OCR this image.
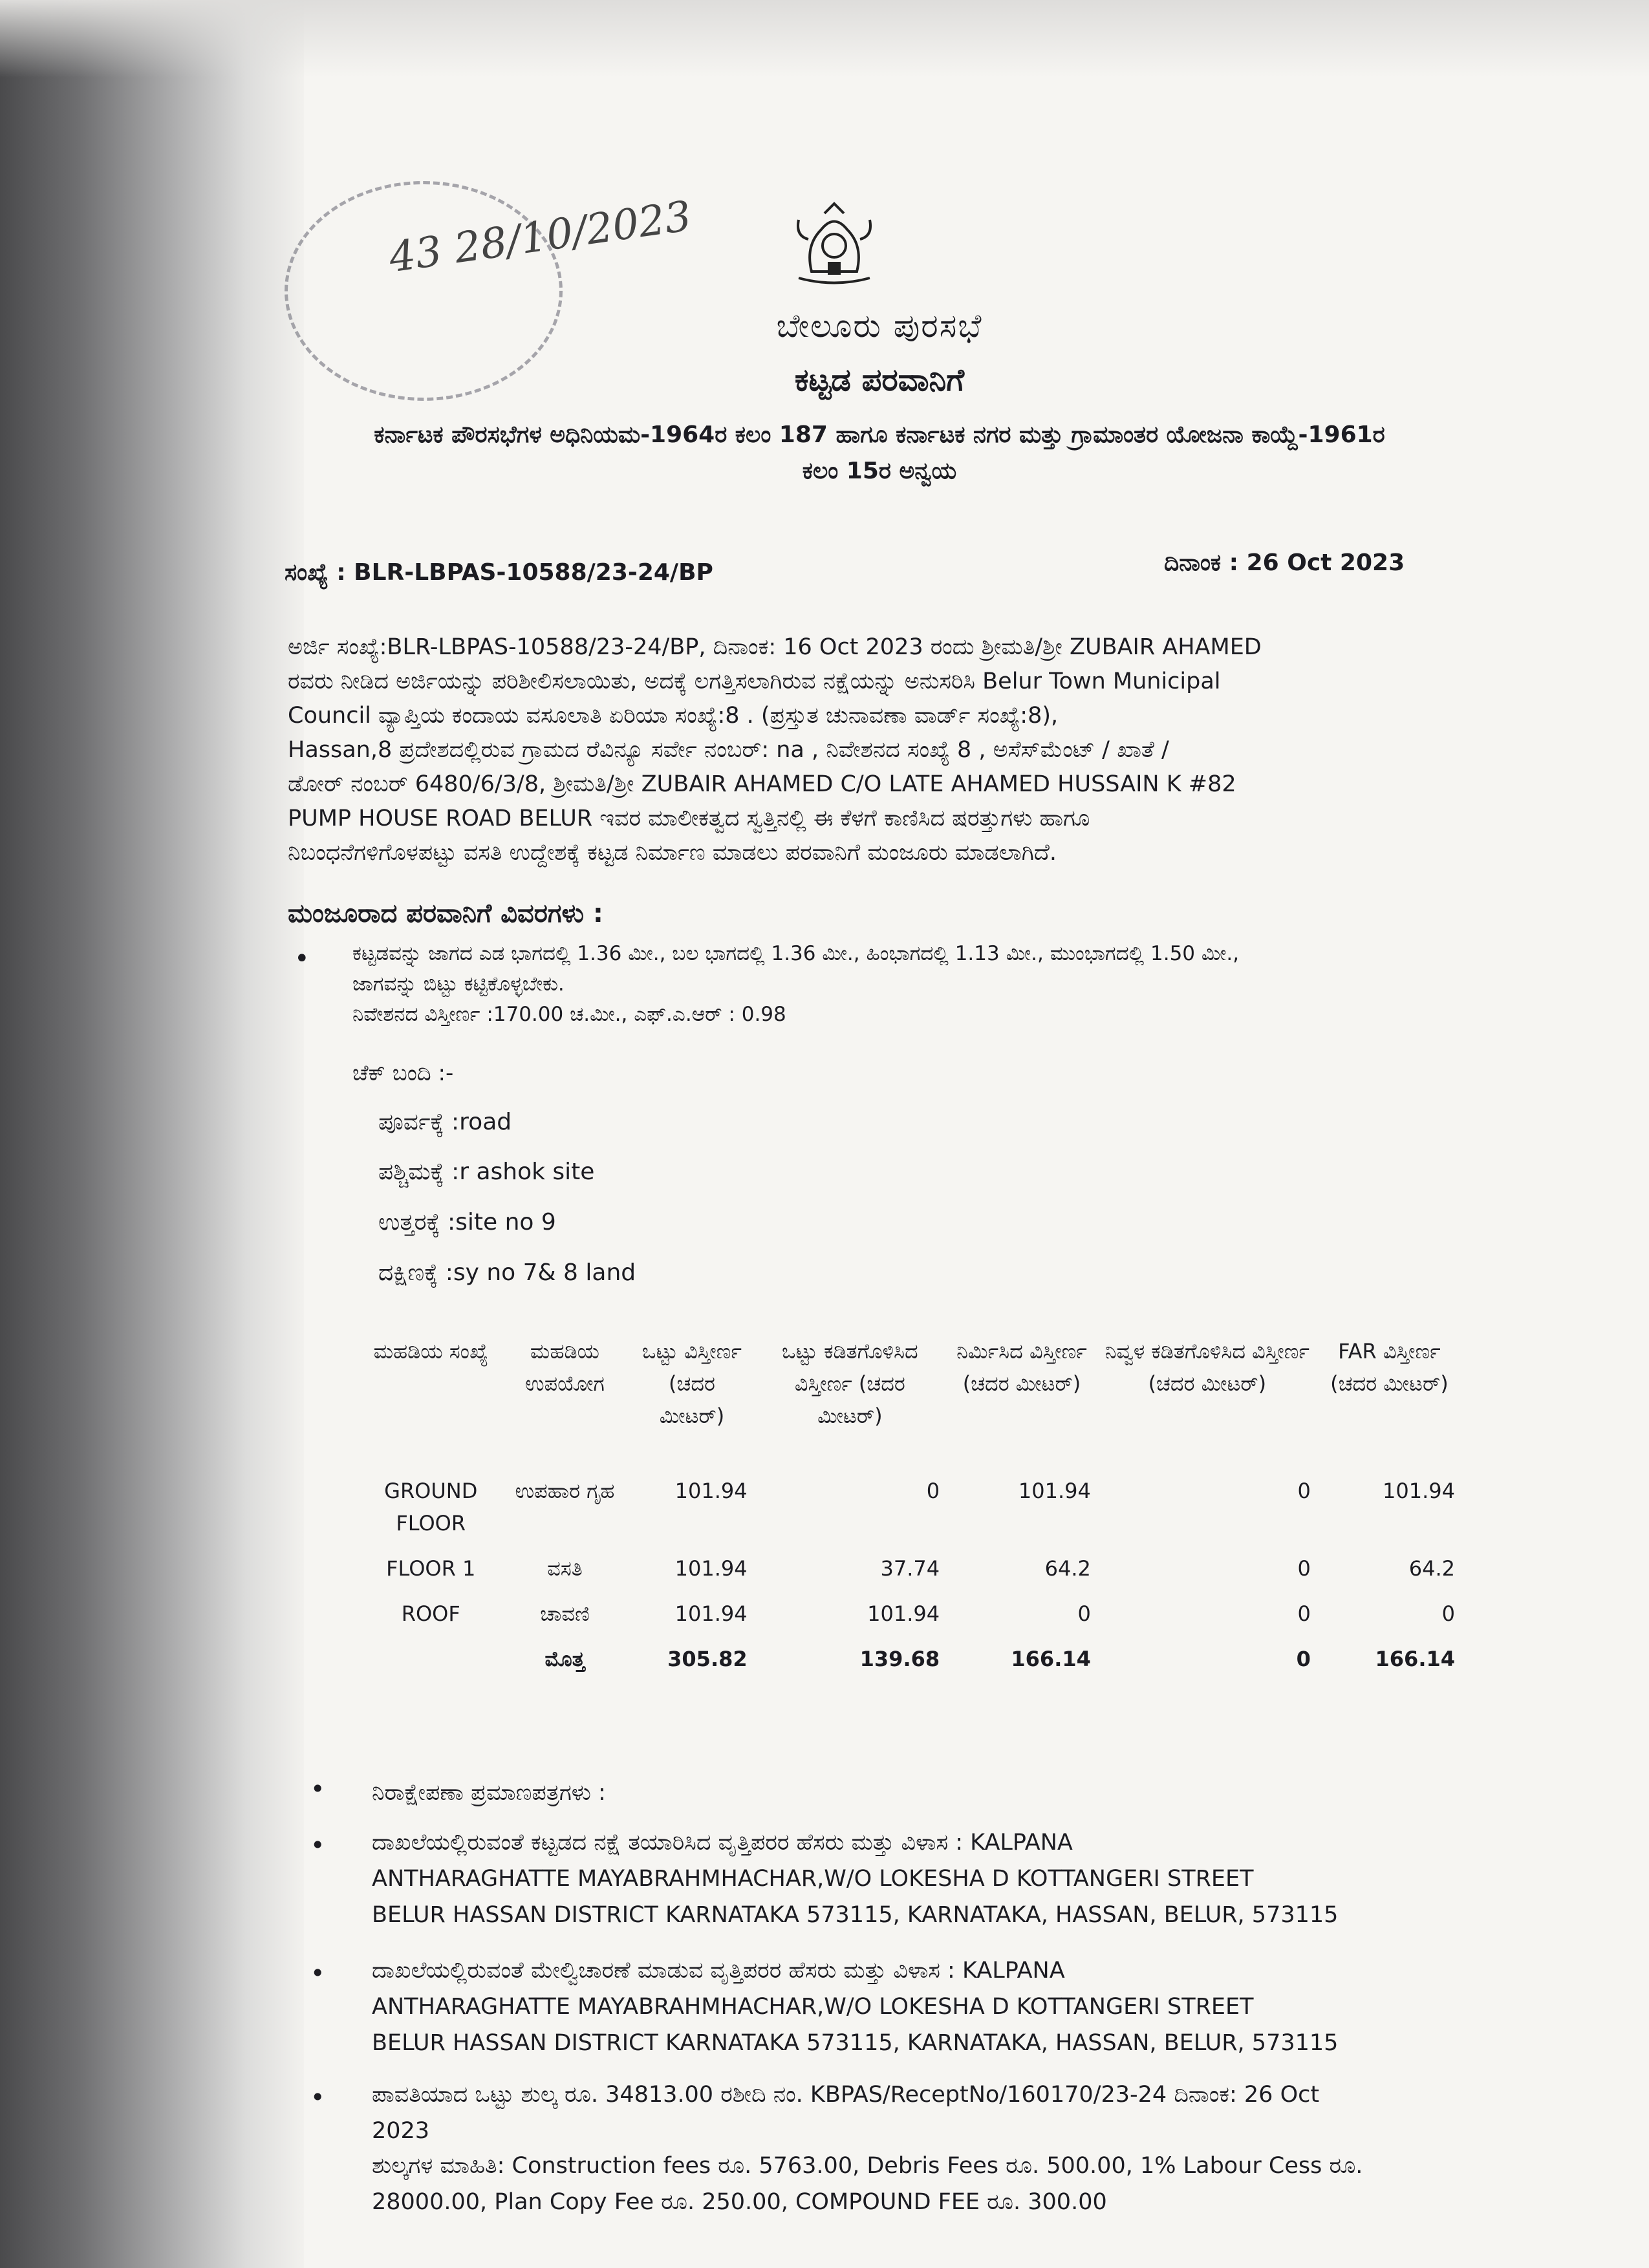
43 28/10/2023
ಬೇಲೂರು ಪುರಸಭೆ
ಕಟ್ಟಡ ಪರವಾನಿಗೆ
ಕರ್ನಾಟಕ ಪೌರಸಭೆಗಳ ಅಧಿನಿಯಮ-1964ರ ಕಲಂ 187 ಹಾಗೂ ಕರ್ನಾಟಕ ನಗರ ಮತ್ತು ಗ್ರಾಮಾಂತರ ಯೋಜನಾ ಕಾಯ್ದೆ-1961ರ
ಕಲಂ 15ರ ಅನ್ವಯ
ಸಂಖ್ಯೆ : BLR-LBPAS-10588/23-24/BP	ದಿನಾಂಕ : 26 Oct 2023
ಅರ್ಜಿ ಸಂಖ್ಯೆ:BLR-LBPAS-10588/23-24/BP, ದಿನಾಂಕ: 16 Oct 2023 ರಂದು ಶ್ರೀಮತಿ/ಶ್ರೀ ZUBAIR AHAMED
ರವರು ನೀಡಿದ ಅರ್ಜಿಯನ್ನು ಪರಿಶೀಲಿಸಲಾಯಿತು, ಅದಕ್ಕೆ ಲಗತ್ತಿಸಲಾಗಿರುವ ನಕ್ಷೆಯನ್ನು ಅನುಸರಿಸಿ Belur Town Municipal
Council ವ್ಯಾಪ್ತಿಯ ಕಂದಾಯ ವಸೂಲಾತಿ ಏರಿಯಾ ಸಂಖ್ಯೆ:8 . (ಪ್ರಸ್ತುತ ಚುನಾವಣಾ ವಾರ್ಡ್ ಸಂಖ್ಯೆ:8),
Hassan,8 ಪ್ರದೇಶದಲ್ಲಿರುವ ಗ್ರಾಮದ ರೆವಿನ್ಯೂ ಸರ್ವೇ ನಂಬರ್: na , ನಿವೇಶನದ ಸಂಖ್ಯೆ 8 , ಅಸೆಸ್‌ಮೆಂಟ್ / ಖಾತೆ /
ಡೋರ್ ನಂಬರ್ 6480/6/3/8, ಶ್ರೀಮತಿ/ಶ್ರೀ ZUBAIR AHAMED C/O LATE AHAMED HUSSAIN K #82
PUMP HOUSE ROAD BELUR ಇವರ ಮಾಲೀಕತ್ವದ ಸ್ವತ್ತಿನಲ್ಲಿ ಈ ಕೆಳಗೆ ಕಾಣಿಸಿದ ಷರತ್ತುಗಳು ಹಾಗೂ
ನಿಬಂಧನೆಗಳಿಗೊಳಪಟ್ಟು ವಸತಿ ಉದ್ದೇಶಕ್ಕೆ ಕಟ್ಟಡ ನಿರ್ಮಾಣ ಮಾಡಲು ಪರವಾನಿಗೆ ಮಂಜೂರು ಮಾಡಲಾಗಿದೆ.
ಮಂಜೂರಾದ ಪರವಾನಿಗೆ ವಿವರಗಳು :
• ಕಟ್ಟಡವನ್ನು ಜಾಗದ ಎಡ ಭಾಗದಲ್ಲಿ 1.36 ಮೀ., ಬಲ ಭಾಗದಲ್ಲಿ 1.36 ಮೀ., ಹಿಂಭಾಗದಲ್ಲಿ 1.13 ಮೀ., ಮುಂಭಾಗದಲ್ಲಿ 1.50 ಮೀ.,
ಜಾಗವನ್ನು ಬಿಟ್ಟು ಕಟ್ಟಿಕೊಳ್ಳಬೇಕು.
ನಿವೇಶನದ ವಿಸ್ತೀರ್ಣ :170.00 ಚ.ಮೀ., ಎಫ್.ಎ.ಆರ್ : 0.98
ಚೆಕ್ ಬಂದಿ :-
ಪೂರ್ವಕ್ಕೆ :road
ಪಶ್ಚಿಮಕ್ಕೆ :r ashok site
ಉತ್ತರಕ್ಕೆ :site no 9
ದಕ್ಷಿಣಕ್ಕೆ :sy no 7& 8 land
ಮಹಡಿಯ ಸಂಖ್ಯೆ	ಮಹಡಿಯ ಉಪಯೋಗ	ಒಟ್ಟು ವಿಸ್ತೀರ್ಣ (ಚದರ ಮೀಟರ್)	ಒಟ್ಟು ಕಡಿತಗೊಳಿಸಿದ ವಿಸ್ತೀರ್ಣ (ಚದರ ಮೀಟರ್)	ನಿರ್ಮಿಸಿದ ವಿಸ್ತೀರ್ಣ (ಚದರ ಮೀಟರ್)	ನಿವ್ವಳ ಕಡಿತಗೊಳಿಸಿದ ವಿಸ್ತೀರ್ಣ (ಚದರ ಮೀಟರ್)	FAR ವಿಸ್ತೀರ್ಣ (ಚದರ ಮೀಟರ್)
GROUND FLOOR	ಉಪಹಾರ ಗೃಹ	101.94	0	101.94	0	101.94
FLOOR 1	ವಸತಿ	101.94	37.74	64.2	0	64.2
ROOF	ಚಾವಣಿ	101.94	101.94	0	0	0
	ಮೊತ್ತ	305.82	139.68	166.14	0	166.14
• ನಿರಾಕ್ಷೇಪಣಾ ಪ್ರಮಾಣಪತ್ರಗಳು :
• ದಾಖಲೆಯಲ್ಲಿರುವಂತೆ ಕಟ್ಟಡದ ನಕ್ಷೆ ತಯಾರಿಸಿದ ವೃತ್ತಿಪರರ ಹೆಸರು ಮತ್ತು ವಿಳಾಸ : KALPANA
ANTHARAGHATTE MAYABRAHMHACHAR,W/O LOKESHA D KOTTANGERI STREET
BELUR HASSAN DISTRICT KARNATAKA 573115, KARNATAKA, HASSAN, BELUR, 573115
• ದಾಖಲೆಯಲ್ಲಿರುವಂತೆ ಮೇಲ್ವಿಚಾರಣೆ ಮಾಡುವ ವೃತ್ತಿಪರರ ಹೆಸರು ಮತ್ತು ವಿಳಾಸ : KALPANA
ANTHARAGHATTE MAYABRAHMHACHAR,W/O LOKESHA D KOTTANGERI STREET
BELUR HASSAN DISTRICT KARNATAKA 573115, KARNATAKA, HASSAN, BELUR, 573115
• ಪಾವತಿಯಾದ ಒಟ್ಟು ಶುಲ್ಕ ರೂ. 34813.00 ರಶೀದಿ ನಂ. KBPAS/ReceptNo/160170/23-24 ದಿನಾಂಕ: 26 Oct
2023
ಶುಲ್ಕಗಳ ಮಾಹಿತಿ: Construction fees ರೂ. 5763.00, Debris Fees ರೂ. 500.00, 1% Labour Cess ರೂ.
28000.00, Plan Copy Fee ರೂ. 250.00, COMPOUND FEE ರೂ. 300.00
